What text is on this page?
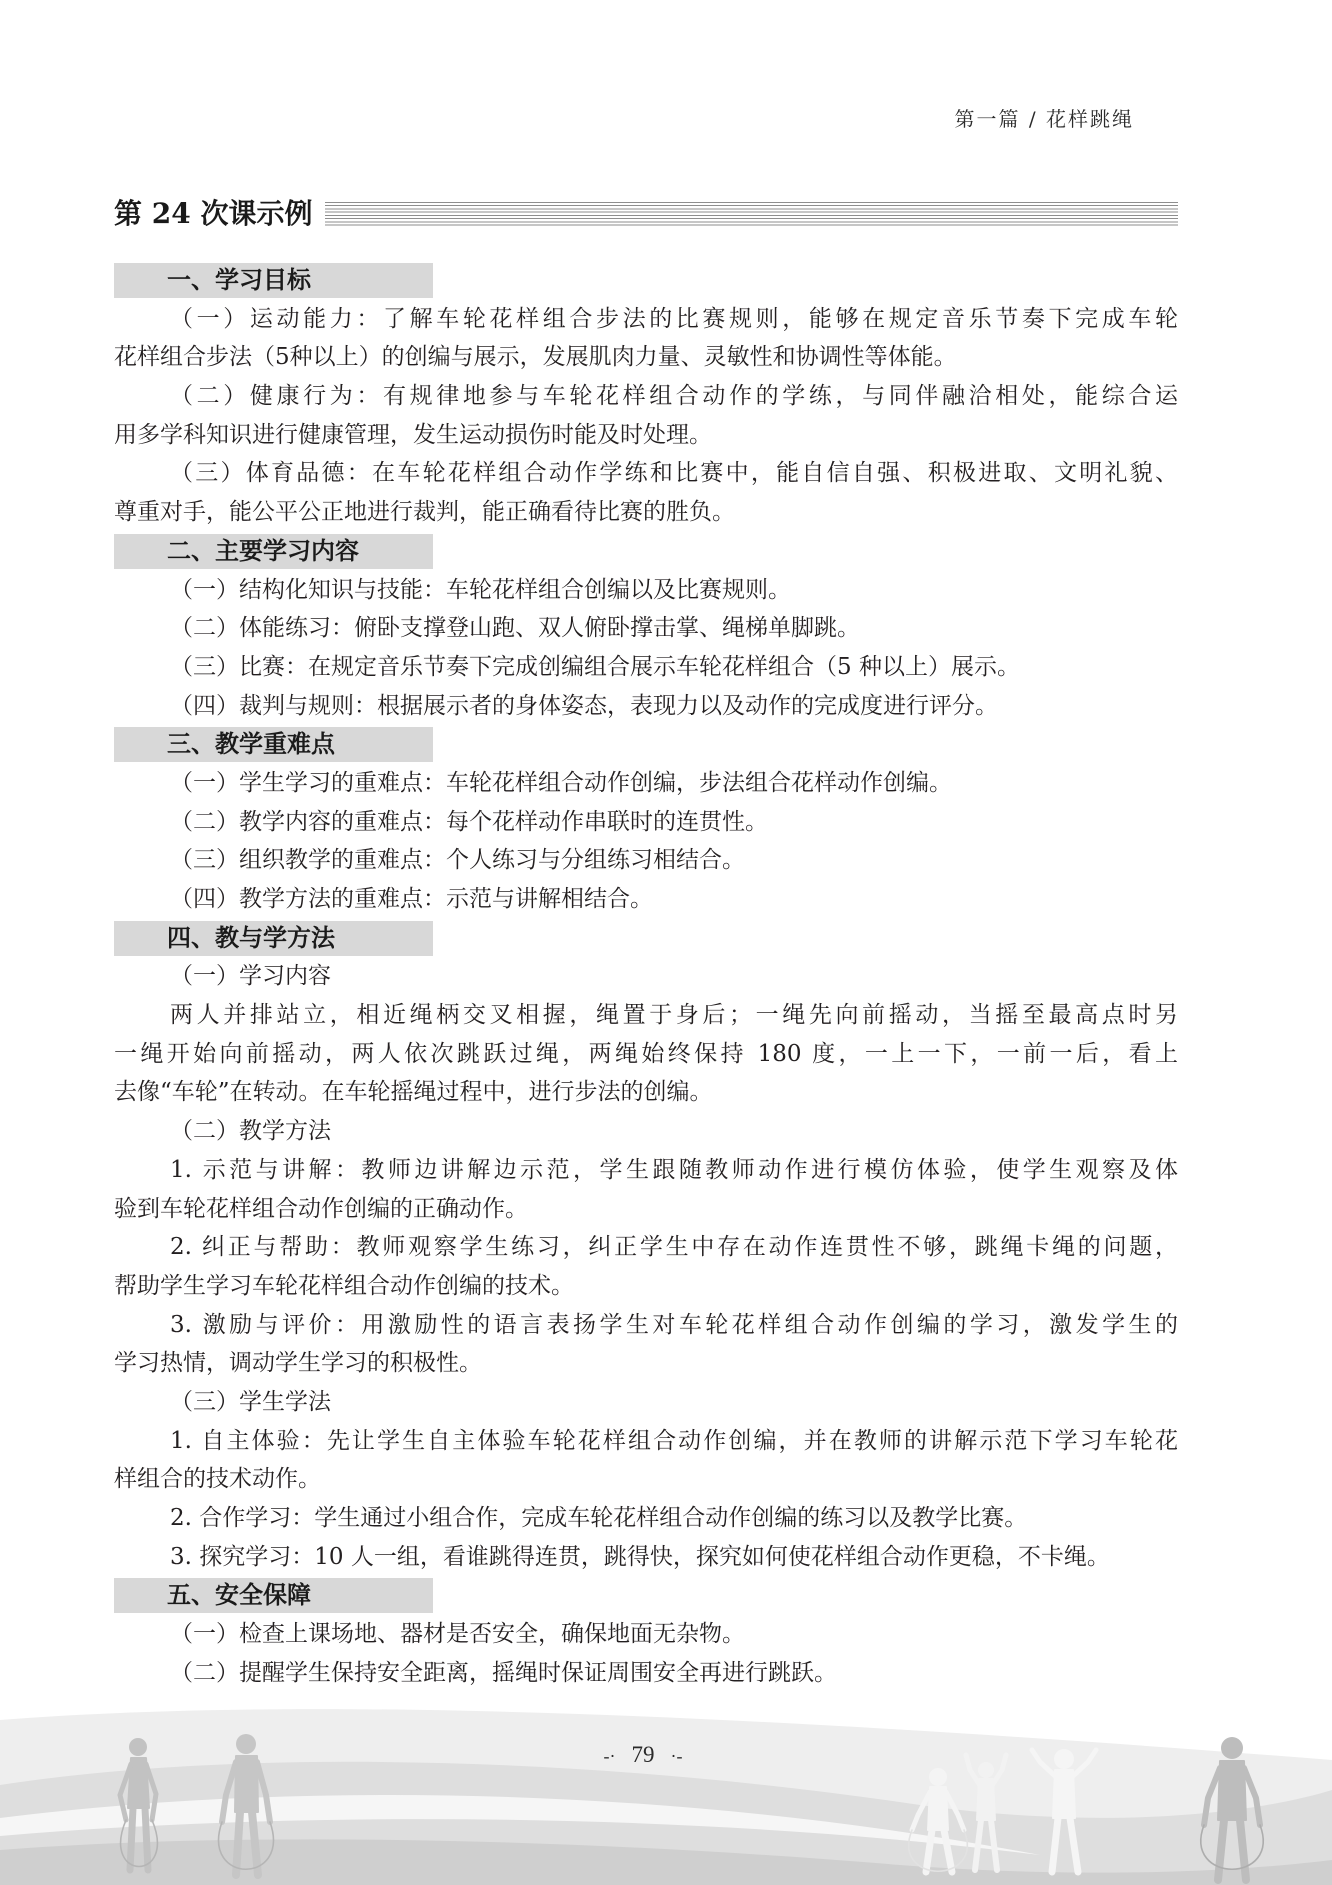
第一篇 / 花样跳绳
第 24 次课示例
一、学习目标
（一）运动能力：了解车轮花样组合步法的比赛规则，能够在规定音乐节奏下完成车轮
花样组合步法（5种以上）的创编与展示，发展肌肉力量、灵敏性和协调性等体能。
（二）健康行为：有规律地参与车轮花样组合动作的学练，与同伴融洽相处，能综合运
用多学科知识进行健康管理，发生运动损伤时能及时处理。
（三）体育品德：在车轮花样组合动作学练和比赛中，能自信自强、积极进取、文明礼貌、
尊重对手，能公平公正地进行裁判，能正确看待比赛的胜负。
二、主要学习内容
（一）结构化知识与技能：车轮花样组合创编以及比赛规则。
（二）体能练习：俯卧支撑登山跑、双人俯卧撑击掌、绳梯单脚跳。
（三）比赛：在规定音乐节奏下完成创编组合展示车轮花样组合（5 种以上）展示。
（四）裁判与规则：根据展示者的身体姿态，表现力以及动作的完成度进行评分。
三、教学重难点
（一）学生学习的重难点：车轮花样组合动作创编，步法组合花样动作创编。
（二）教学内容的重难点：每个花样动作串联时的连贯性。
（三）组织教学的重难点：个人练习与分组练习相结合。
（四）教学方法的重难点：示范与讲解相结合。
四、教与学方法
（一）学习内容
两人并排站立，相近绳柄交叉相握，绳置于身后；一绳先向前摇动，当摇至最高点时另
一绳开始向前摇动，两人依次跳跃过绳，两绳始终保持 180 度，一上一下，一前一后，看上
去像“车轮”在转动。在车轮摇绳过程中，进行步法的创编。
（二）教学方法
1. 示范与讲解：教师边讲解边示范，学生跟随教师动作进行模仿体验，使学生观察及体
验到车轮花样组合动作创编的正确动作。
2. 纠正与帮助：教师观察学生练习，纠正学生中存在动作连贯性不够，跳绳卡绳的问题，
帮助学生学习车轮花样组合动作创编的技术。
3. 激励与评价：用激励性的语言表扬学生对车轮花样组合动作创编的学习，激发学生的
学习热情，调动学生学习的积极性。
（三）学生学法
1. 自主体验：先让学生自主体验车轮花样组合动作创编，并在教师的讲解示范下学习车轮花
样组合的技术动作。
2. 合作学习：学生通过小组合作，完成车轮花样组合动作创编的练习以及教学比赛。
3. 探究学习：10 人一组，看谁跳得连贯，跳得快，探究如何使花样组合动作更稳，不卡绳。
五、安全保障
（一）检查上课场地、器材是否安全，确保地面无杂物。
（二）提醒学生保持安全距离，摇绳时保证周围安全再进行跳跃。
-· 79 ·-
